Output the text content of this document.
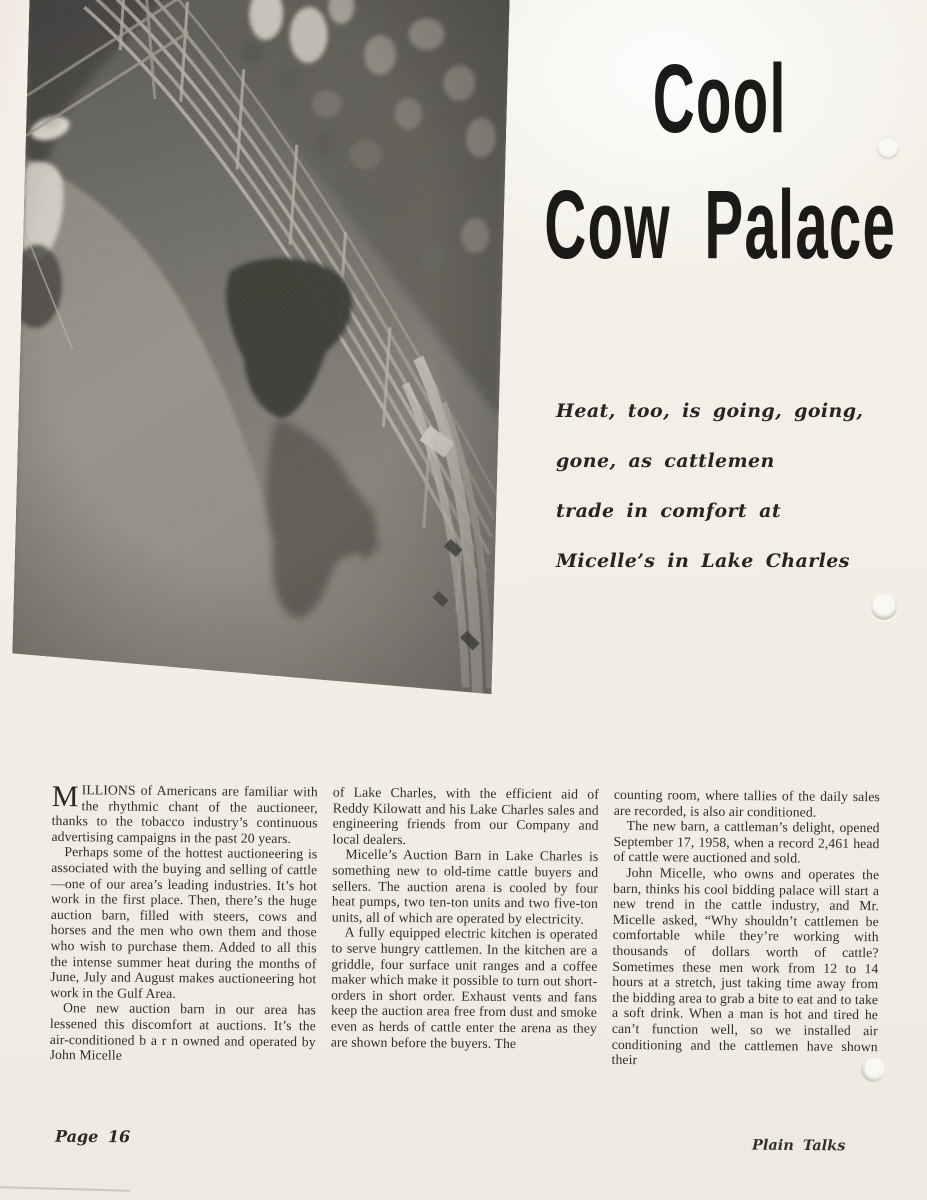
Cool
Cow Palace
Heat, too, is going, going,
gone, as cattlemen
trade in comfort at
Micelle’s in Lake Charles

MILLIONS of Americans are familiar with the rhythmic chant of the auctioneer, thanks to the tobacco industry’s continuous advertising campaigns in the past 20 years.

Perhaps some of the hottest auctioneering is associated with the buying and selling of cattle—one of our area’s leading industries. It’s hot work in the first place. Then, there’s the huge auction barn, filled with steers, cows and horses and the men who own them and those who wish to purchase them. Added to all this the intense summer heat during the months of June, July and August makes auctioneering hot work in the Gulf Area.

One new auction barn in our area has lessened this discomfort at auctions. It’s the air-conditioned b a r n owned and operated by John Micelle

of Lake Charles, with the efficient aid of Reddy Kilowatt and his Lake Charles sales and engineering friends from our Company and local dealers.

Micelle’s Auction Barn in Lake Charles is something new to old-time cattle buyers and sellers. The auction arena is cooled by four heat pumps, two ten-ton units and two five-ton units, all of which are operated by electricity.

A fully equipped electric kitchen is operated to serve hungry cattlemen. In the kitchen are a griddle, four surface unit ranges and a coffee maker which make it possible to turn out short-orders in short order. Exhaust vents and fans keep the auction area free from dust and smoke even as herds of cattle enter the arena as they are shown before the buyers. The

counting room, where tallies of the daily sales are recorded, is also air conditioned.

The new barn, a cattleman’s delight, opened September 17, 1958, when a record 2,461 head of cattle were auctioned and sold.

John Micelle, who owns and operates the barn, thinks his cool bidding palace will start a new trend in the cattle industry, and Mr. Micelle asked, “Why shouldn’t cattlemen be comfortable while they’re working with thousands of dollars worth of cattle? Sometimes these men work from 12 to 14 hours at a stretch, just taking time away from the bidding area to grab a bite to eat and to take a soft drink. When a man is hot and tired he can’t function well, so we installed air conditioning and the cattlemen have shown their

Page 16	Plain Talks
